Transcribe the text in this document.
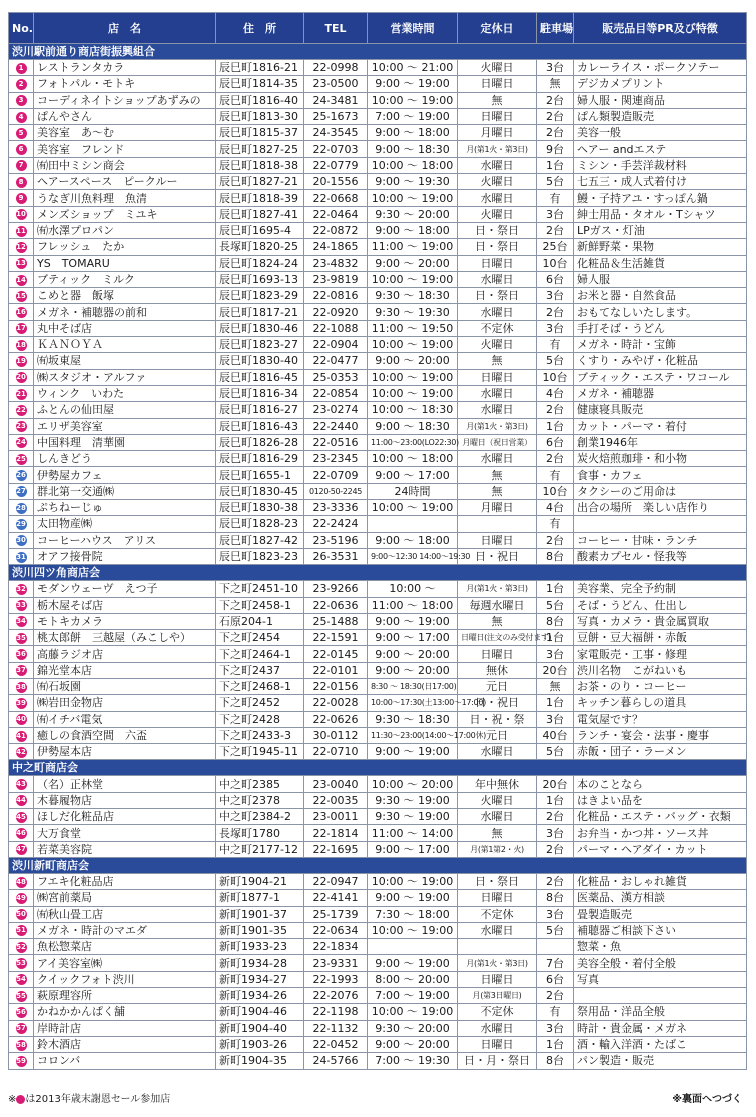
No.	店　名	住　所	TEL	営業時間	定休日	駐車場	販売品目等PR及び特徴
渋川駅前通り商店街振興組合							
1	レストランタカラ	辰巳町1816-21	22-0998	10:00 ～ 21:00	火曜日	3台	カレーライス・ポークソテー
2	フォトパル・モトキ	辰巳町1814-35	23-0500	9:00 ～ 19:00	日曜日	無	デジカメプリント
3	コーディネイトショップあずみの	辰巳町1816-40	24-3481	10:00 ～ 19:00	無	2台	婦人服・関連商品
4	ぱんやさん	辰巳町1813-30	25-1673	7:00 ～ 19:00	日曜日	2台	ぱん類製造販売
5	美容室　あ～む	辰巳町1815-37	24-3545	9:00 ～ 18:00	月曜日	2台	美容一般
6	美容室　フレンド	辰巳町1827-25	22-0703	9:00 ～ 18:30	月(第1火・第3日)	9台	ヘアー andエステ
7	㈲田中ミシン商会	辰巳町1818-38	22-0779	10:00 ～ 18:00	水曜日	1台	ミシン・手芸洋裁材料
8	ヘアースペース　ピークルー	辰巳町1827-21	20-1556	9:00 ～ 19:30	火曜日	5台	七五三・成人式着付け
9	うなぎ川魚料理　魚清	辰巳町1818-39	22-0668	10:00 ～ 19:00	水曜日	有	鰻・子持アユ・すっぽん鍋
10	メンズショップ　ミユキ	辰巳町1827-41	22-0464	9:30 ～ 20:00	火曜日	3台	紳士用品・タオル・Tシャツ
11	㈲水澤プロパン	辰巳町1695-4	22-0872	9:00 ～ 18:00	日・祭日	2台	LPガス・灯油
12	フレッシュ　たか	長塚町1820-25	24-1865	11:00 ～ 19:00	日・祭日	25台	新鮮野菜・果物
13	YS　TOMARU	辰巳町1824-24	23-4832	9:00 ～ 20:00	日曜日	10台	化粧品＆生活雑貨
14	ブティック　ミルク	辰巳町1693-13	23-9819	10:00 ～ 19:00	水曜日	6台	婦人服
15	こめと器　飯塚	辰巳町1823-29	22-0816	9:30 ～ 18:30	日・祭日	3台	お米と器・自然食品
16	メガネ・補聴器の前和	辰巳町1817-21	22-0920	9:30 ～ 19:30	水曜日	2台	おもてなしいたします。
17	丸中そば店	辰巳町1830-46	22-1088	11:00 ～ 19:50	不定休	3台	手打そば・うどん
18	ＫＡＮＯＹＡ	辰巳町1823-27	22-0904	10:00 ～ 19:00	火曜日	有	メガネ・時計・宝飾
19	㈲坂東屋	辰巳町1830-40	22-0477	9:00 ～ 20:00	無	5台	くすり・みやげ・化粧品
20	㈱スタジオ・アルファ	辰巳町1816-45	25-0353	10:00 ～ 19:00	日曜日	10台	ブティック・エステ・ワコール
21	ウィンク　いわた	辰巳町1816-34	22-0854	10:00 ～ 19:00	水曜日	4台	メガネ・補聴器
22	ふとんの仙田屋	辰巳町1816-27	23-0274	10:00 ～ 18:30	水曜日	2台	健康寝具販売
23	エリザ美容室	辰巳町1816-43	22-2440	9:00 ～ 18:30	月(第1火・第3日)	1台	カット・パーマ・着付
24	中国料理　清華園	辰巳町1826-28	22-0516	11:00～23:00(LO22:30)	月曜日（祝日営業）	6台	創業1946年
25	しんきどう	辰巳町1816-29	23-2345	10:00 ～ 18:00	水曜日	2台	炭火焙煎珈琲・和小物
26	伊勢屋カフェ	辰巳町1655-1	22-0709	9:00 ～ 17:00	無	有	食事・カフェ
27	群北第一交通㈱	辰巳町1830-45	0120-50-2245	24時間	無	10台	タクシーのご用命は
28	ぷちねーじゅ	辰巳町1830-38	23-3336	10:00 ～ 19:00	月曜日	4台	出合の場所　楽しい店作り
29	太田物産㈱	辰巳町1828-23	22-2424			有	
30	コーヒーハウス　アリス	辰巳町1827-42	23-5196	9:00 ～ 18:00	日曜日	2台	コーヒー・甘味・ランチ
31	オアフ接骨院	辰巳町1823-23	26-3531	9:00～12:30 14:00～19:30	日・祝日	8台	酸素カプセル・怪我等
渋川四ツ角商店会							
32	モダンウェーヴ　えつ子	下之町2451-10	23-9266	10:00 ～	月(第1火・第3日)	1台	美容業、完全予約制
33	栃木屋そば店	下之町2458-1	22-0636	11:00 ～ 18:00	毎週水曜日	5台	そば・うどん、仕出し
34	モトキカメラ	石原204-1	25-1488	9:00 ～ 19:00	無	8台	写真・カメラ・貴金属買取
35	桃太郎餅　三越屋（みこしや）	下之町2454	22-1591	9:00 ～ 17:00	日曜日(注文のみ受付ます)	1台	豆餅・豆大福餅・赤飯
36	高藤ラジオ店	下之町2464-1	22-0145	9:00 ～ 20:00	日曜日	3台	家電販売・工事・修理
37	錦光堂本店	下之町2437	22-0101	9:00 ～ 20:00	無休	20台	渋川名物　こがねいも
38	㈲石坂園	下之町2468-1	22-0156	8:30 ～ 18:30(日17:00)	元日	無	お茶・のり・コーヒー
39	㈱岩田金物店	下之町2452	22-0028	10:00～17:30(土13:00～17:00)	日・祝日	1台	キッチン暮らしの道具
40	㈲イチバ電気	下之町2428	22-0626	9:30 ～ 18:30	日・祝・祭	3台	電気屋です？
41	癒しの食酒空間　六盃	下之町2433-3	30-0112	11:30～23:00(14:00～17:00休)	元日	40台	ランチ・宴会・法事・慶事
42	伊勢屋本店	下之町1945-11	22-0710	9:00 ～ 19:00	水曜日	5台	赤飯・団子・ラーメン
中之町商店会							
43	（名）正林堂	中之町2385	23-0040	10:00 ～ 20:00	年中無休	20台	本のことなら
44	木暮履物店	中之町2378	22-0035	9:30 ～ 19:00	火曜日	1台	はきよい品を
45	ほしだ化粧品店	中之町2384-2	23-0011	9:30 ～ 19:00	水曜日	2台	化粧品・エステ・バッグ・衣類
46	大万食堂	長塚町1780	22-1814	11:00 ～ 14:00	無	3台	お弁当・かつ丼・ソース丼
47	若菜美容院	中之町2177-12	22-1695	9:00 ～ 17:00	月(第1第2・火)	2台	パーマ・ヘアダイ・カット
渋川新町商店会							
48	フエキ化粧品店	新町1904-21	22-0947	10:00 ～ 19:00	日・祭日	2台	化粧品・おしゃれ雑貨
49	㈱宮前薬局	新町1877-1	22-4141	9:00 ～ 19:00	日曜日	8台	医薬品、漢方相談
50	㈲秋山畳工店	新町1901-37	25-1739	7:30 ～ 18:00	不定休	3台	畳製造販売
51	メガネ・時計のマエダ	新町1901-35	22-0634	10:00 ～ 19:00	水曜日	5台	補聴器ご相談下さい
52	魚松惣菜店	新町1933-23	22-1834				惣菜・魚
53	アイ美容室㈱	新町1934-28	23-9331	9:00 ～ 19:00	月(第1火・第3日)	7台	美容全般・着付全般
54	クイックフォト渋川	新町1934-27	22-1993	8:00 ～ 20:00	日曜日	6台	写真
55	萩原理容所	新町1934-26	22-2076	7:00 ～ 19:00	月(第3日曜日)	2台	
56	かねかかんぱく舗	新町1904-46	22-1198	10:00 ～ 19:00	不定休	有	祭用品・洋品全般
57	岸時計店	新町1904-40	22-1132	9:30 ～ 20:00	水曜日	3台	時計・貴金属・メガネ
58	鈴木酒店	新町1903-26	22-0452	9:00 ～ 20:00	日曜日	1台	酒・輸入洋酒・たばこ
59	コロンバ	新町1904-35	24-5766	7:00 ～ 19:30	日・月・祭日	8台	パン製造・販売
※ は2013年歳末謝恩セール参加店	※裏面へつづく
